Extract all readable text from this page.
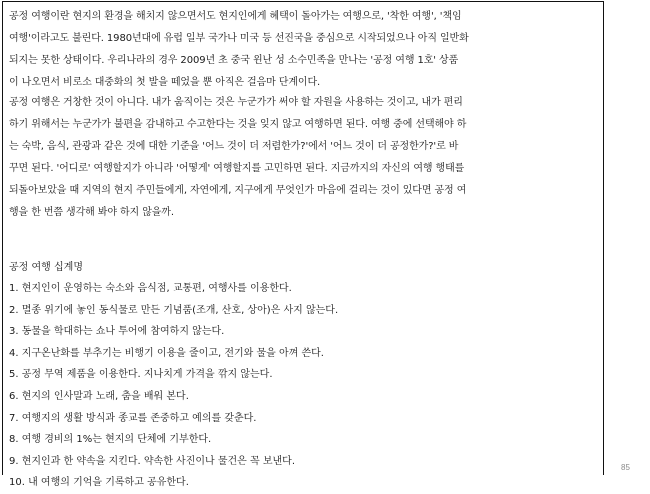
공정 여행이란 현지의 환경을 해치지 않으면서도 현지인에게 혜택이 돌아가는 여행으로, '착한 여행', '책임
여행'이라고도 불린다. 1980년대에 유럽 일부 국가나 미국 등 선진국을 중심으로 시작되었으나 아직 일반화
되지는 못한 상태이다. 우리나라의 경우 2009년 초 중국 윈난 성 소수민족을 만나는 '공정 여행 1호' 상품
이 나오면서 비로소 대중화의 첫 발을 떼었을 뿐 아직은 걸음마 단계이다.
공정 여행은 거창한 것이 아니다. 내가 움직이는 것은 누군가가 써야 할 자원을 사용하는 것이고, 내가 편리
하기 위해서는 누군가가 불편을 감내하고 수고한다는 것을 잊지 않고 여행하면 된다. 여행 중에 선택해야 하
는 숙박, 음식, 관광과 같은 것에 대한 기준을 '어느 것이 더 저렴한가?'에서 '어느 것이 더 공정한가?'로 바
꾸면 된다. '어디로' 여행할지가 아니라 '어떻게' 여행할지를 고민하면 된다. 지금까지의 자신의 여행 행태를
되돌아보았을 때 지역의 현지 주민들에게, 자연에게, 지구에게 무엇인가 마음에 걸리는 것이 있다면 공정 여
행을 한 번쯤 생각해 봐야 하지 않을까.
공정 여행 십계명
1. 현지인이 운영하는 숙소와 음식점, 교통편, 여행사를 이용한다.
2. 멸종 위기에 놓인 동식물로 만든 기념품(조개, 산호, 상아)은 사지 않는다.
3. 동물을 학대하는 쇼나 투어에 참여하지 않는다.
4. 지구온난화를 부추기는 비행기 이용을 줄이고, 전기와 물을 아껴 쓴다.
5. 공정 무역 제품을 이용한다. 지나치게 가격을 깎지 않는다.
6. 현지의 인사말과 노래, 춤을 배워 본다.
7. 여행지의 생활 방식과 종교를 존중하고 예의를 갖춘다.
8. 여행 경비의 1%는 현지의 단체에 기부한다.
9. 현지인과 한 약속을 지킨다. 약속한 사진이나 물건은 꼭 보낸다.
10. 내 여행의 기억을 기록하고 공유한다.
85
